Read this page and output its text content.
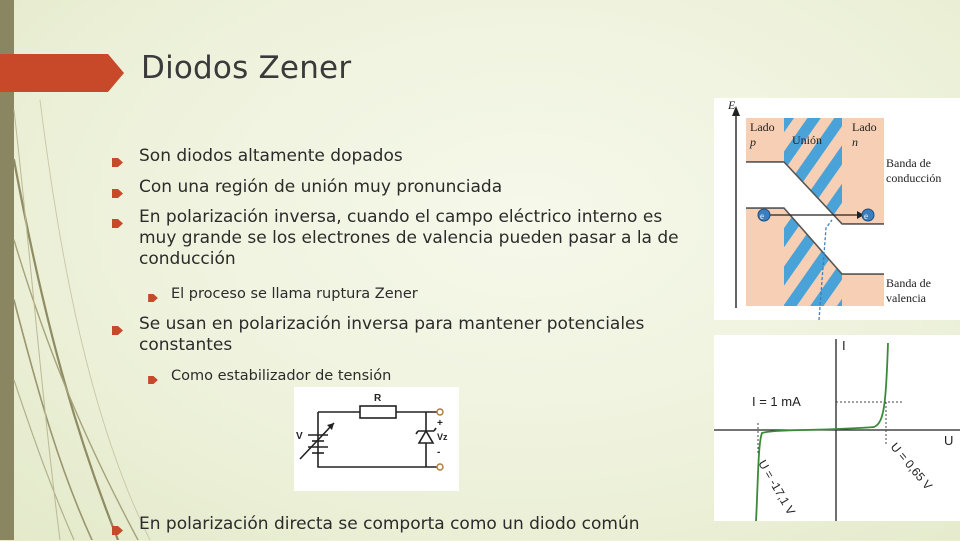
Diodos Zener
Son diodos altamente dopados
Con una región de unión muy pronunciada
En polarización inversa, cuando el campo eléctrico interno es muy grande se los electrones de valencia pueden pasar a la de conducción
El proceso se llama ruptura Zener
Se usan en polarización inversa para mantener potenciales constantes
Como estabilizador de tensión
En polarización directa se comporta como un diodo común
R
V	Vz
+
-
E
e	e
Lado
p	Unión
Lado
n
Banda de
conducción
Banda de
valencia
I
U
I = 1 mA
U = -17,1 V	U = 0,65 V
